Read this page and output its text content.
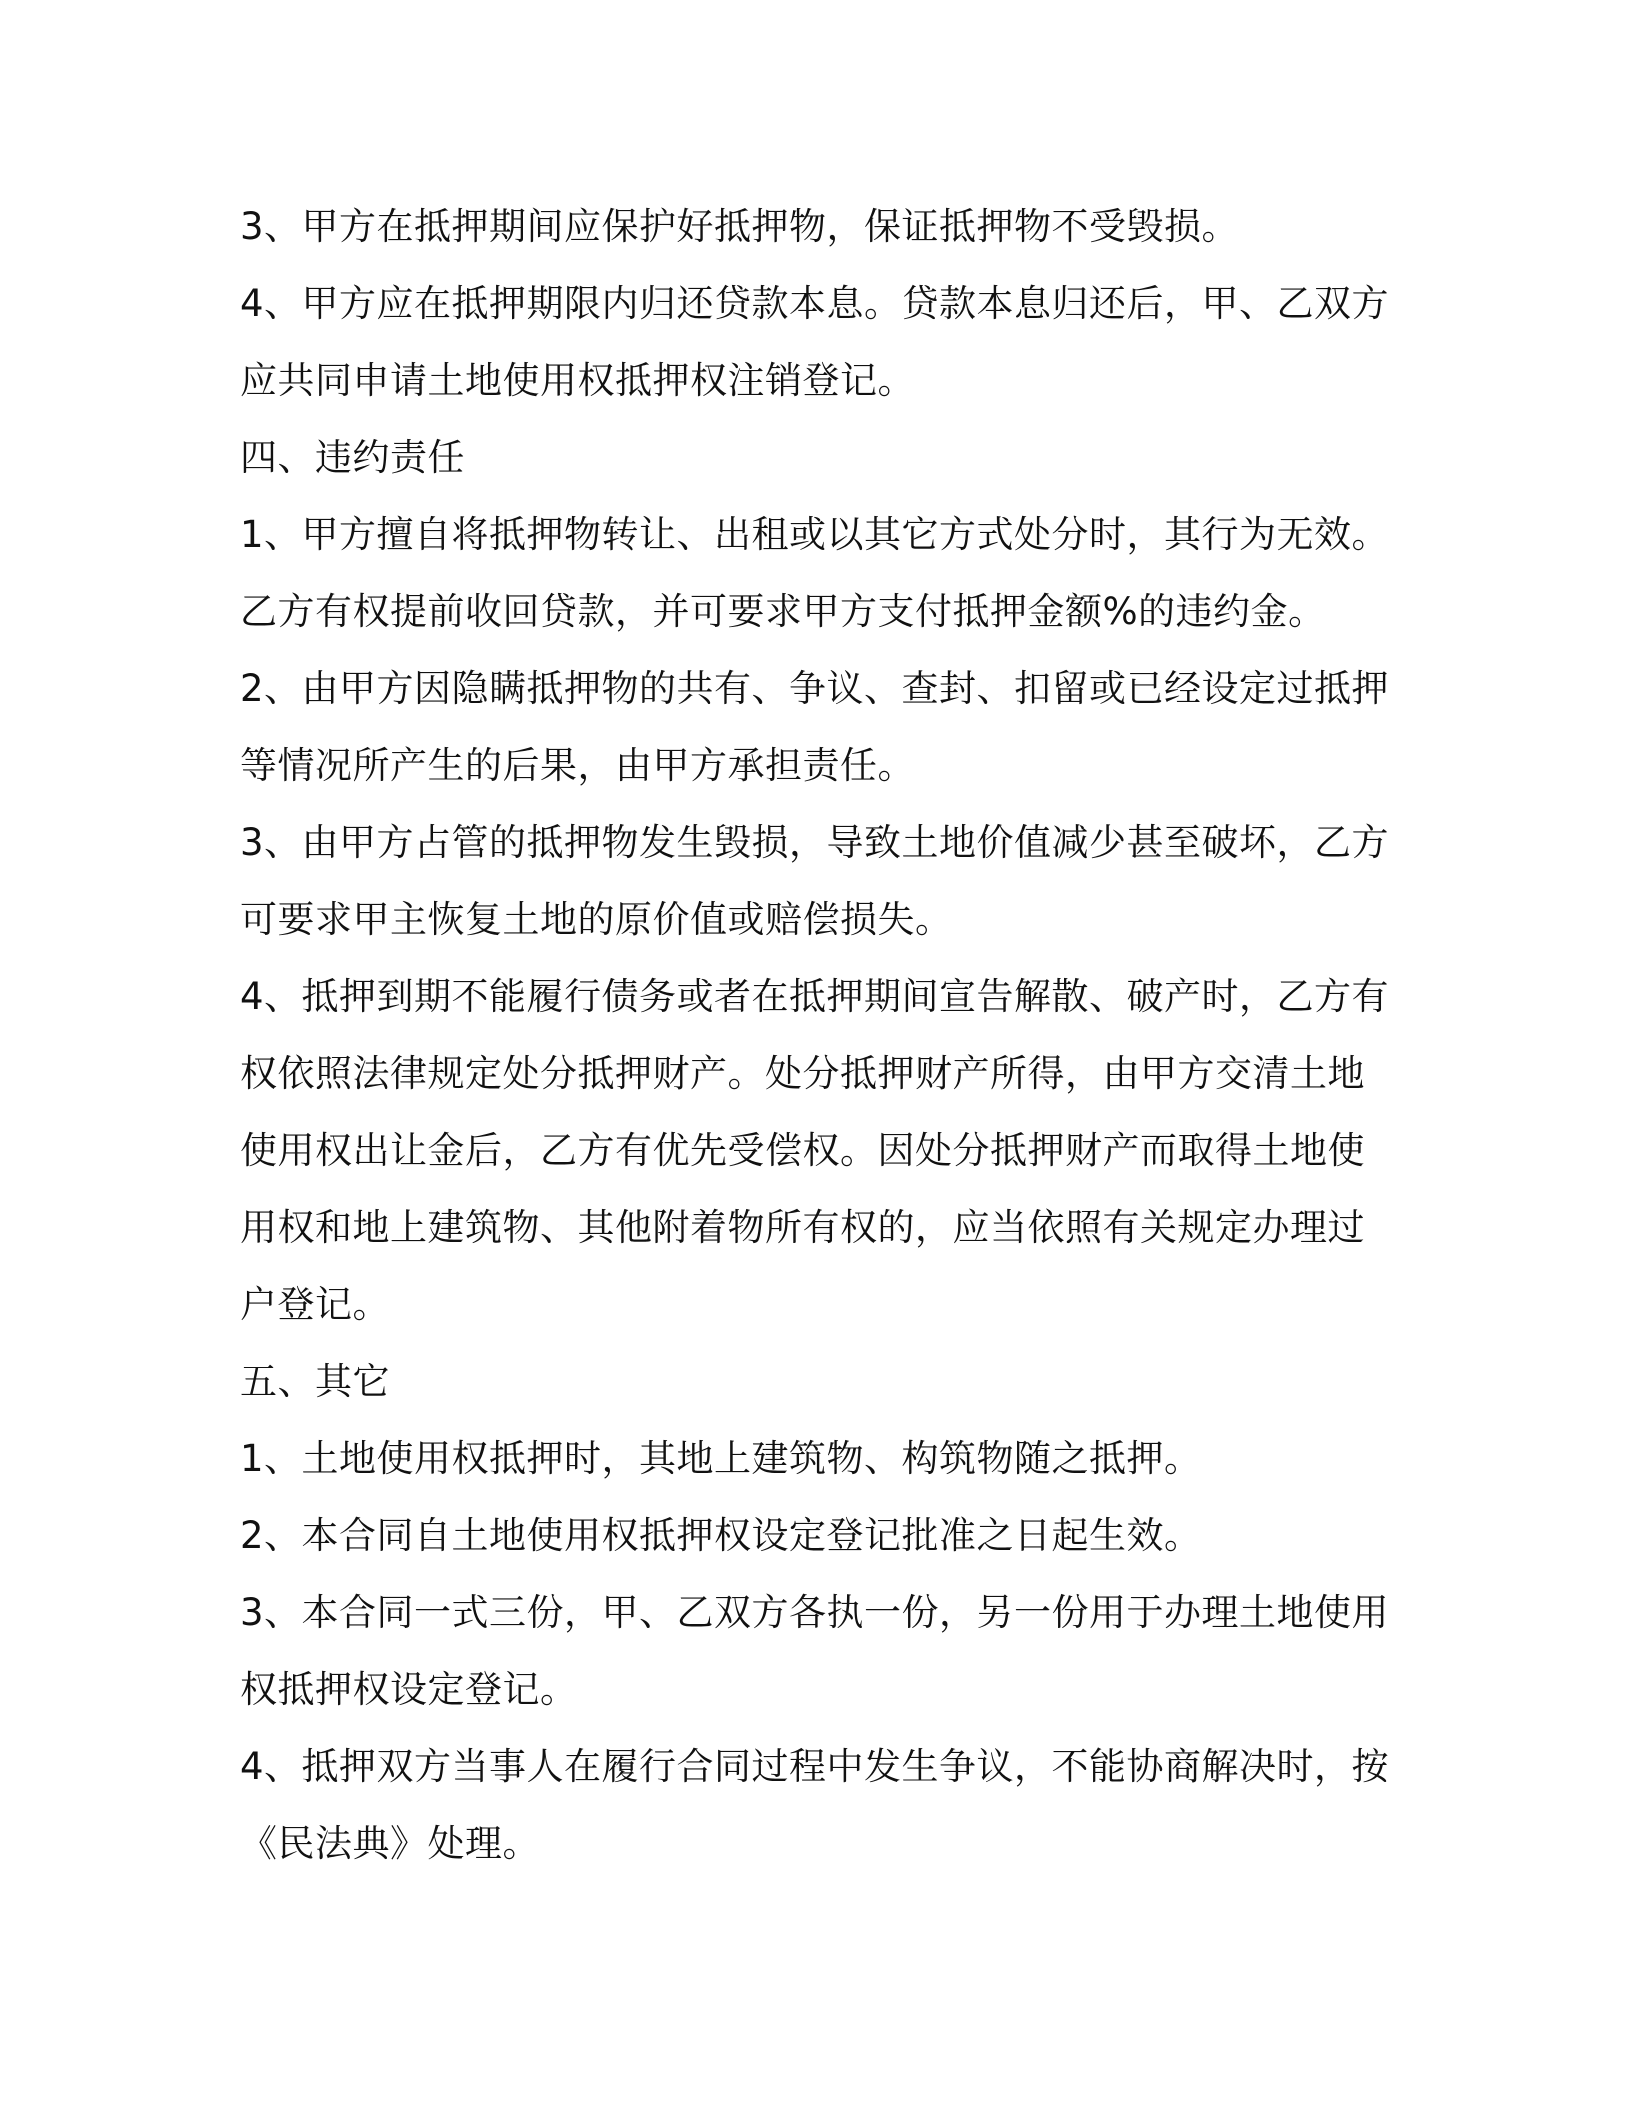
3、甲方在抵押期间应保护好抵押物，保证抵押物不受毁损。

4、甲方应在抵押期限内归还贷款本息。贷款本息归还后，甲、乙双方应共同申请土地使用权抵押权注销登记。

四、违约责任

1、甲方擅自将抵押物转让、出租或以其它方式处分时，其行为无效。乙方有权提前收回贷款，并可要求甲方支付抵押金额%的违约金。

2、由甲方因隐瞒抵押物的共有、争议、查封、扣留或已经设定过抵押等情况所产生的后果，由甲方承担责任。

3、由甲方占管的抵押物发生毁损，导致土地价值减少甚至破坏，乙方可要求甲主恢复土地的原价值或赔偿损失。

4、抵押到期不能履行债务或者在抵押期间宣告解散、破产时，乙方有权依照法律规定处分抵押财产。处分抵押财产所得，由甲方交清土地使用权出让金后，乙方有优先受偿权。因处分抵押财产而取得土地使用权和地上建筑物、其他附着物所有权的，应当依照有关规定办理过户登记。

五、其它

1、土地使用权抵押时，其地上建筑物、构筑物随之抵押。

2、本合同自土地使用权抵押权设定登记批准之日起生效。

3、本合同一式三份，甲、乙双方各执一份，另一份用于办理土地使用权抵押权设定登记。

4、抵押双方当事人在履行合同过程中发生争议，不能协商解决时，按《民法典》处理。
